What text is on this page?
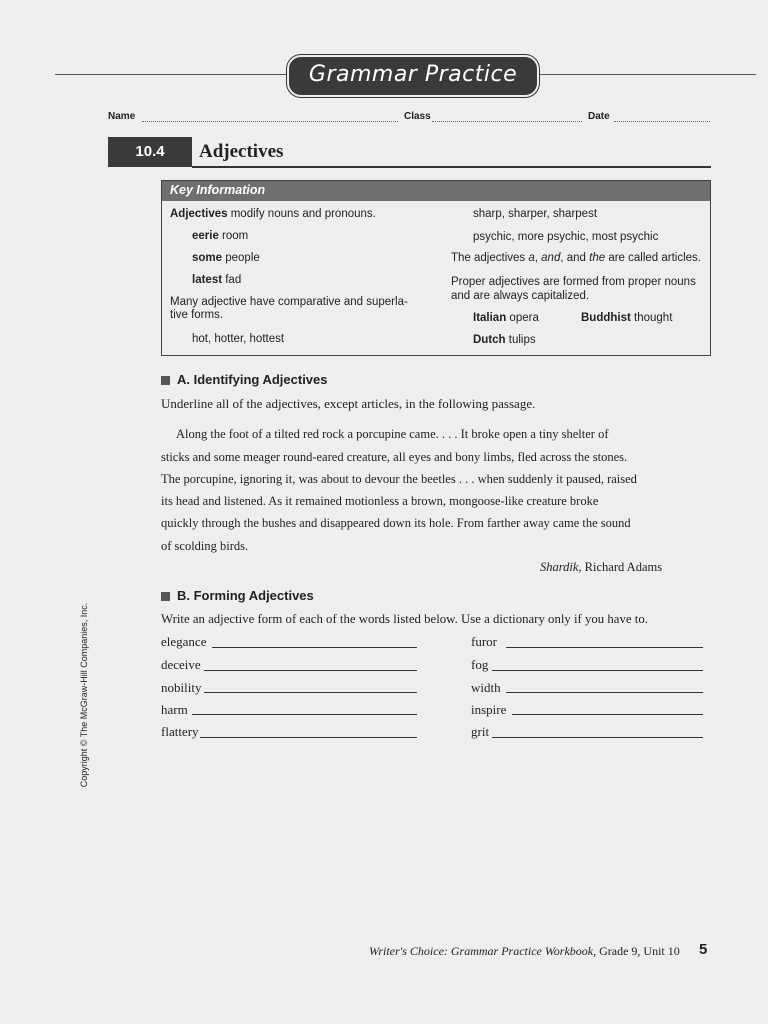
Grammar Practice
Name	Class	Date
10.4	Adjectives
Key Information
Adjectives modify nouns and pronouns.
eerie room
some people
latest fad
Many adjective have comparative and superla-
tive forms.
hot, hotter, hottest
sharp, sharper, sharpest
psychic, more psychic, most psychic
The adjectives a, and, and the are called articles.
Proper adjectives are formed from proper nouns
and are always capitalized.
Italian opera	Buddhist thought
Dutch tulips
A. Identifying Adjectives
Underline all of the adjectives, except articles, in the following passage.
Along the foot of a tilted red rock a porcupine came. . . . It broke open a tiny shelter of
sticks and some meager round-eared creature, all eyes and bony limbs, fled across the stones.
The porcupine, ignoring it, was about to devour the beetles . . . when suddenly it paused, raised
its head and listened. As it remained motionless a brown, mongoose-like creature broke
quickly through the bushes and disappeared down its hole. From farther away came the sound
of scolding birds.
Shardik, Richard Adams
B. Forming Adjectives
Write an adjective form of each of the words listed below. Use a dictionary only if you have to.
elegance
deceive
nobility
harm
flattery
furor
fog
width
inspire
grit
Copyright © The McGraw-Hill Companies, Inc.
Writer's Choice: Grammar Practice Workbook, Grade 9, Unit 10 5
